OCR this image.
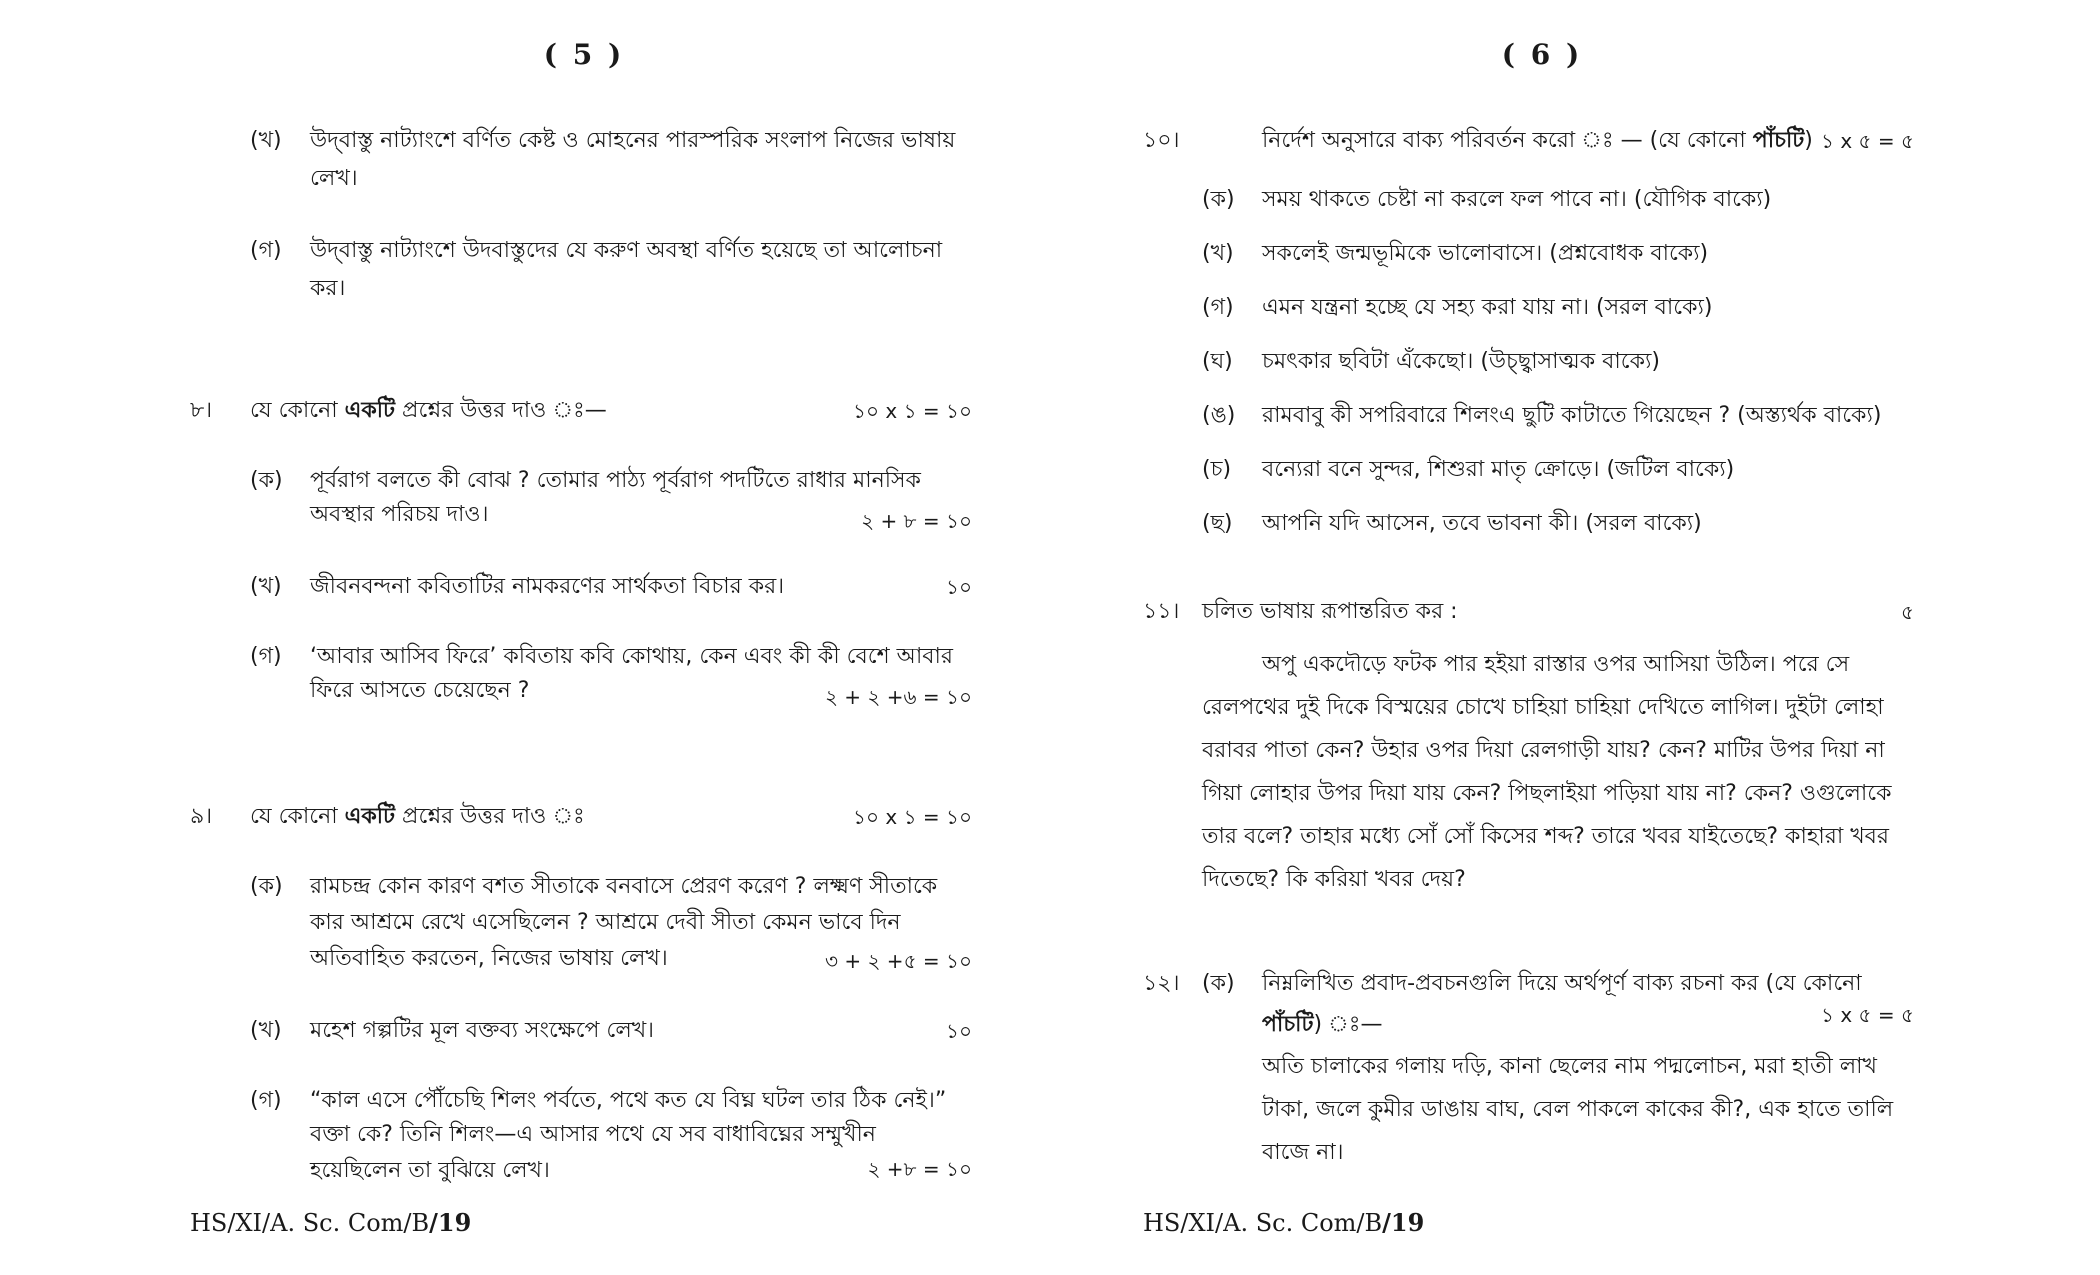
( 5 )
(খ) উদ্‌বাস্তু নাট্যাংশে বর্ণিত কেষ্ট ও মোহনের পারস্পরিক সংলাপ নিজের ভাষায়
লেখ।
(গ) উদ্‌বাস্তু নাট্যাংশে উদবাস্তুদের যে করুণ অবস্থা বর্ণিত হয়েছে তা আলোচনা
কর।
৮। যে কোনো একটি প্রশ্নের উত্তর দাও ঃ—	১০ x ১ = ১০
(ক) পূর্বরাগ বলতে কী বোঝ ? তোমার পাঠ্য পূর্বরাগ পদটিতে রাধার মানসিক
অবস্থার পরিচয় দাও।	২ + ৮ = ১০
(খ) জীবনবন্দনা কবিতাটির নামকরণের সার্থকতা বিচার কর।	১০
(গ) ‘আবার আসিব ফিরে’ কবিতায় কবি কোথায়, কেন এবং কী কী বেশে আবার
ফিরে আসতে চেয়েছেন ?	২ + ২ +৬ = ১০
৯। যে কোনো একটি প্রশ্নের উত্তর দাও ঃ	১০ x ১ = ১০
(ক) রামচন্দ্র কোন কারণ বশত সীতাকে বনবাসে প্রেরণ করেণ ? লক্ষ্মণ সীতাকে
কার আশ্রমে রেখে এসেছিলেন ? আশ্রমে দেবী সীতা কেমন ভাবে দিন
অতিবাহিত করতেন, নিজের ভাষায় লেখ।	৩ + ২ +৫ = ১০
(খ) মহেশ গল্পটির মূল বক্তব্য সংক্ষেপে লেখ।	১০
(গ) “কাল এসে পৌঁচেছি শিলং পর্বতে, পথে কত যে বিঘ্ন ঘটল তার ঠিক নেই।”
বক্তা কে? তিনি শিলং—এ আসার পথে যে সব বাধাবিঘ্নের সম্মুখীন
হয়েছিলেন তা বুঝিয়ে লেখ।	২ +৮ = ১০
HS/XI/A. Sc. Com/B/19
( 6 )
১০।	নির্দেশ অনুসারে বাক্য পরিবর্তন করো ঃ — (যে কোনো পাঁচটি) ১ x ৫ = ৫
(ক) সময় থাকতে চেষ্টা না করলে ফল পাবে না। (যৌগিক বাক্যে)
(খ) সকলেই জন্মভূমিকে ভালোবাসে। (প্রশ্নবোধক বাক্যে)
(গ) এমন যন্ত্রনা হচ্ছে যে সহ্য করা যায় না। (সরল বাক্যে)
(ঘ) চমৎকার ছবিটা এঁকেছো। (উচ্ছ্বাসাত্মক বাক্যে)
(ঙ) রামবাবু কী সপরিবারে শিলংএ ছুটি কাটাতে গিয়েছেন ? (অস্ত্যর্থক বাক্যে)
(চ) বন্যেরা বনে সুন্দর, শিশুরা মাতৃ ক্রোড়ে। (জটিল বাক্যে)
(ছ) আপনি যদি আসেন, তবে ভাবনা কী। (সরল বাক্যে)
১১। চলিত ভাষায় রূপান্তরিত কর :	৫
অপু একদৌড়ে ফটক পার হইয়া রাস্তার ওপর আসিয়া উঠিল। পরে সে
রেলপথের দুই দিকে বিস্ময়ের চোখে চাহিয়া চাহিয়া দেখিতে লাগিল। দুইটা লোহা
বরাবর পাতা কেন? উহার ওপর দিয়া রেলগাড়ী যায়? কেন? মাটির উপর দিয়া না
গিয়া লোহার উপর দিয়া যায় কেন? পিছলাইয়া পড়িয়া যায় না? কেন? ওগুলোকে
তার বলে? তাহার মধ্যে সোঁ সোঁ কিসের শব্দ? তারে খবর যাইতেছে? কাহারা খবর
দিতেছে? কি করিয়া খবর দেয়?
১২। (ক) নিম্নলিখিত প্রবাদ-প্রবচনগুলি দিয়ে অর্থপূর্ণ বাক্য রচনা কর (যে কোনো
পাঁচটি) ঃ—	১ x ৫ = ৫
অতি চালাকের গলায় দড়ি, কানা ছেলের নাম পদ্মলোচন, মরা হাতী লাখ
টাকা, জলে কুমীর ডাঙায় বাঘ, বেল পাকলে কাকের কী?, এক হাতে তালি
বাজে না।
HS/XI/A. Sc. Com/B/19
